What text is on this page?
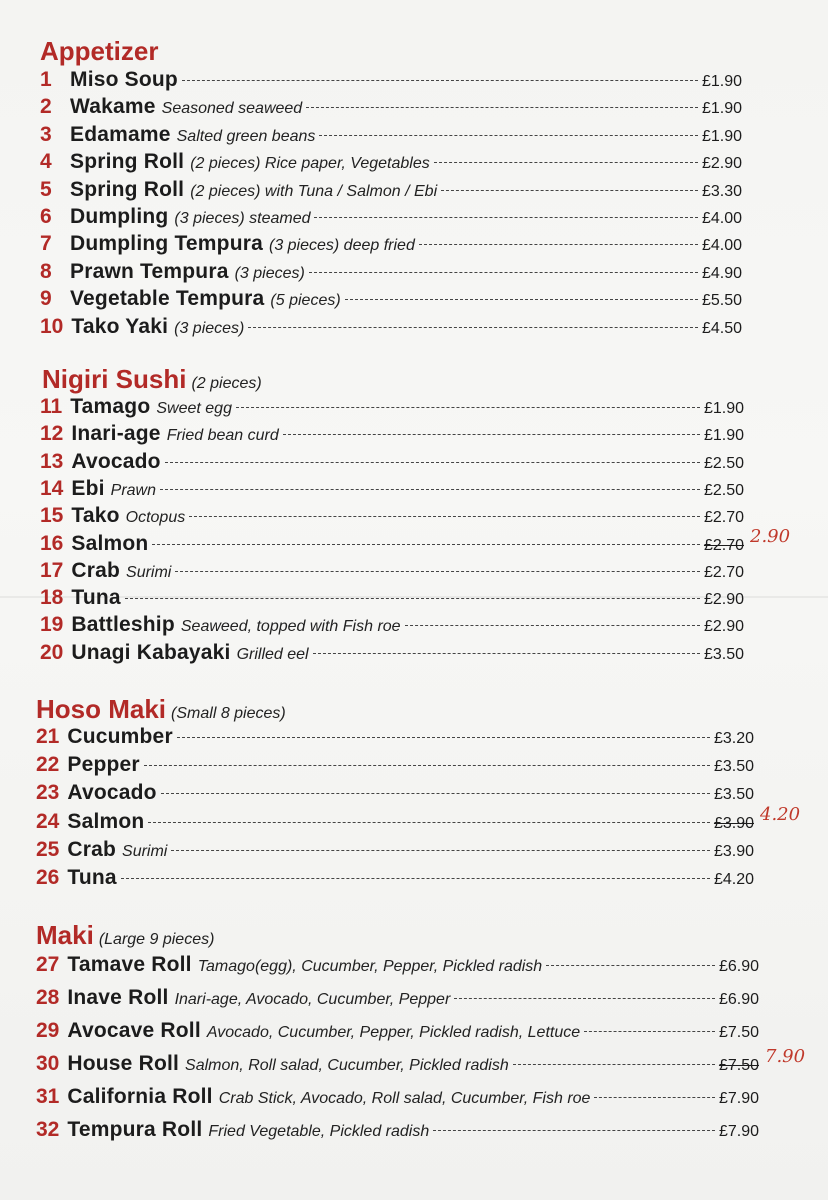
Appetizer
1 Miso Soup	£1.90
2 Wakame Seasoned seaweed	£1.90
3 Edamame Salted green beans	£1.90
4 Spring Roll (2 pieces) Rice paper, Vegetables	£2.90
5 Spring Roll (2 pieces) with Tuna / Salmon / Ebi	£3.30
6 Dumpling (3 pieces) steamed	£4.00
7 Dumpling Tempura (3 pieces) deep fried	£4.00
8 Prawn Tempura (3 pieces)	£4.90
9 Vegetable Tempura (5 pieces)	£5.50
10 Tako Yaki (3 pieces)	£4.50
Nigiri Sushi (2 pieces)
11 Tamago Sweet egg	£1.90
12 Inari-age Fried bean curd	£1.90
13 Avocado	£2.50
14 Ebi Prawn	£2.50
15 Tako Octopus	£2.70
16 Salmon	£2.70 2.90
17 Crab Surimi	£2.70
18 Tuna	£2.90
19 Battleship Seaweed, topped with Fish roe	£2.90
20 Unagi Kabayaki Grilled eel	£3.50
Hoso Maki (Small 8 pieces)
21 Cucumber	£3.20
22 Pepper	£3.50
23 Avocado	£3.50
24 Salmon	£3.90 4.20
25 Crab Surimi	£3.90
26 Tuna	£4.20
Maki (Large 9 pieces)
27 Tamave Roll Tamago(egg), Cucumber, Pepper, Pickled radish	£6.90
28 Inave Roll Inari-age, Avocado, Cucumber, Pepper	£6.90
29 Avocave Roll Avocado, Cucumber, Pepper, Pickled radish, Lettuce	£7.50
30 House Roll Salmon, Roll salad, Cucumber, Pickled radish	£7.50 7.90
31 California Roll Crab Stick, Avocado, Roll salad, Cucumber, Fish roe	£7.90
32 Tempura Roll Fried Vegetable, Pickled radish	£7.90
